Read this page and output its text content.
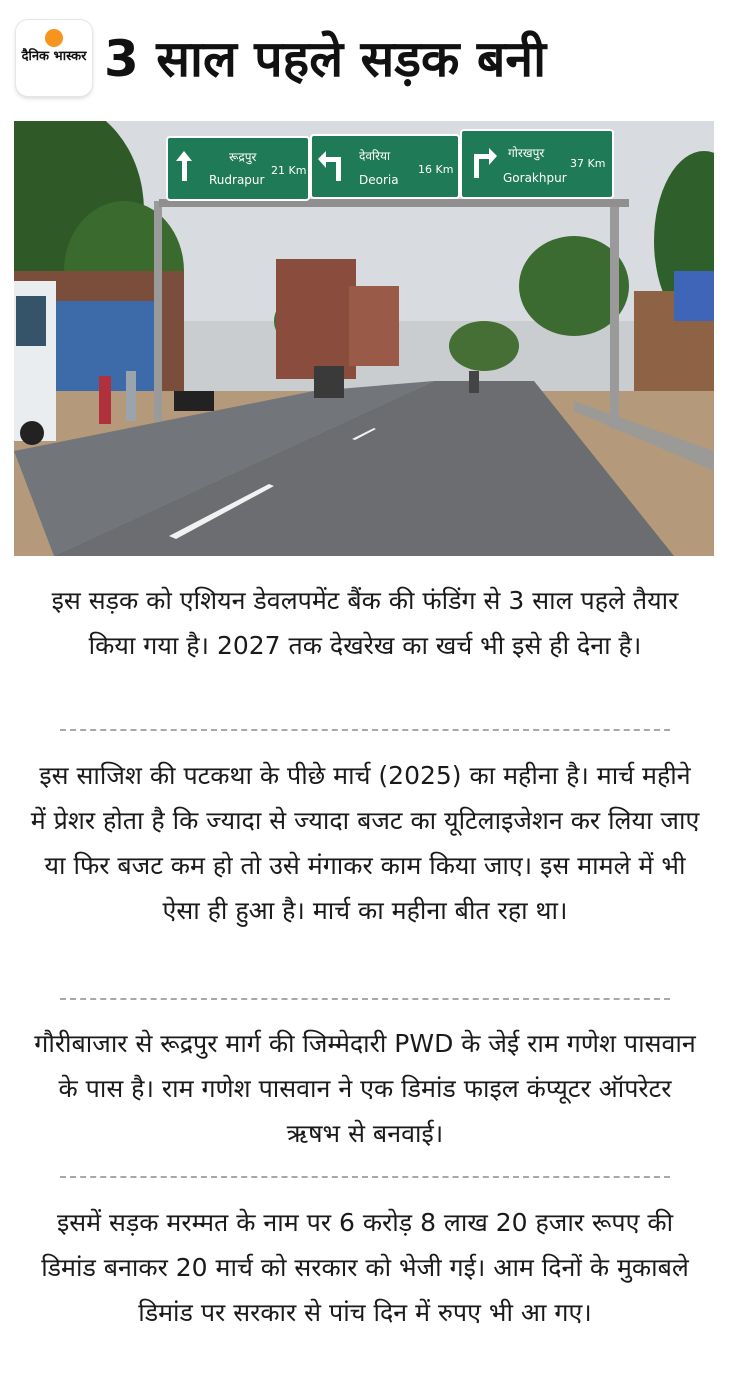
दैनिक भास्कर 3 साल पहले सड़क बनी
रूद्रपुर
Rudrapur
21 Km
देवरिया
Deoria
16 Km
गोरखपुर
Gorakhpur
37 Km
इस सड़क को एशियन डेवलपमेंट बैंक की फंडिंग से 3 साल पहले तैयार किया गया है। 2027 तक देखरेख का खर्च भी इसे ही देना है।
इस साजिश की पटकथा के पीछे मार्च (2025) का महीना है। मार्च महीने में प्रेशर होता है कि ज्यादा से ज्यादा बजट का यूटिलाइजेशन कर लिया जाए या फिर बजट कम हो तो उसे मंगाकर काम किया जाए। इस मामले में भी ऐसा ही हुआ है। मार्च का महीना बीत रहा था।
गौरीबाजार से रूद्रपुर मार्ग की जिम्मेदारी PWD के जेई राम गणेश पासवान के पास है। राम गणेश पासवान ने एक डिमांड फाइल कंप्यूटर ऑपरेटर ऋषभ से बनवाई।
इसमें सड़क मरम्मत के नाम पर 6 करोड़ 8 लाख 20 हजार रूपए की डिमांड बनाकर 20 मार्च को सरकार को भेजी गई। आम दिनों के मुकाबले डिमांड पर सरकार से पांच दिन में रुपए भी आ गए।
